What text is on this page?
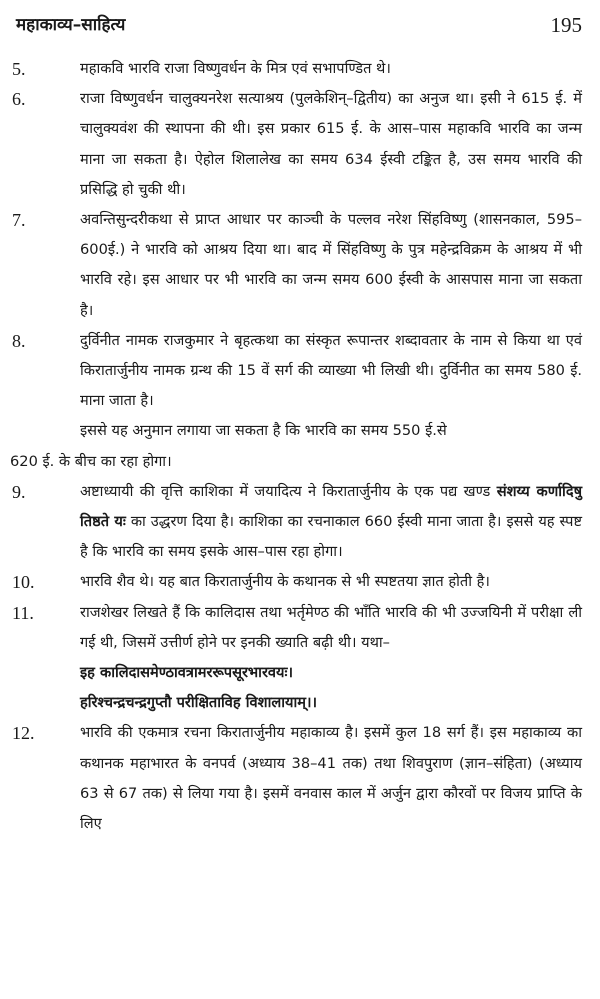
महाकाव्य–साहित्य	195
5.	महाकवि भारवि राजा विष्णुवर्धन के मित्र एवं सभापण्डित थे।

6.	राजा विष्णुवर्धन चालुक्यनरेश सत्याश्रय (पुलकेशिन्–द्वितीय) का अनुज था। इसी ने 615 ई. में चालुक्यवंश की स्थापना की थी। इस प्रकार 615 ई. के आस–पास महाकवि भारवि का जन्म माना जा सकता है। ऐहोल शिलालेख का समय 634 ईस्वी टङ्कित है, उस समय भारवि की प्रसिद्धि हो चुकी थी।

7.	अवन्तिसुन्दरीकथा से प्राप्त आधार पर काञ्ची के पल्लव नरेश सिंहविष्णु (शासनकाल, 595–600ई.) ने भारवि को आश्रय दिया था। बाद में सिंहविष्णु के पुत्र महेन्द्रविक्रम के आश्रय में भी भारवि रहे। इस आधार पर भी भारवि का जन्म समय 600 ईस्वी के आसपास माना जा सकता है।

8.	दुर्विनीत नामक राजकुमार ने बृहत्कथा का संस्कृत रूपान्तर शब्दावतार के नाम से किया था एवं किरातार्जुनीय नामक ग्रन्थ की 15 वें सर्ग की व्याख्या भी लिखी थी। दुर्विनीत का समय 580 ई. माना जाता है।

इससे यह अनुमान लगाया जा सकता है कि भारवि का समय 550 ई.से

620 ई. के बीच का रहा होगा।

9.	अष्टाध्यायी की वृत्ति काशिका में जयादित्य ने किरातार्जुनीय के एक पद्य खण्ड संशय्य कर्णादिषु तिष्ठते यः का उद्धरण दिया है। काशिका का रचनाकाल 660 ईस्वी माना जाता है। इससे यह स्पष्ट है कि भारवि का समय इसके आस–पास रहा होगा।

10.	भारवि शैव थे। यह बात किरातार्जुनीय के कथानक से भी स्पष्टतया ज्ञात होती है।

11.	राजशेखर लिखते हैं कि कालिदास तथा भर्तृमेण्ठ की भाँति भारवि की भी उज्जयिनी में परीक्षा ली गई थी, जिसमें उत्तीर्ण होने पर इनकी ख्याति बढ़ी थी। यथा–

इह कालिदासमेण्ठावत्रामररूपसूरभारवयः।

हरिश्चन्द्रचन्द्रगुप्तौ परीक्षिताविह विशालायाम्।।

12.	भारवि की एकमात्र रचना किरातार्जुनीय महाकाव्य है। इसमें कुल 18 सर्ग हैं। इस महाकाव्य का कथानक महाभारत के वनपर्व (अध्याय 38–41 तक) तथा शिवपुराण (ज्ञान–संहिता) (अध्याय 63 से 67 तक) से लिया गया है। इसमें वनवास काल में अर्जुन द्वारा कौरवों पर विजय प्राप्ति के लिए
